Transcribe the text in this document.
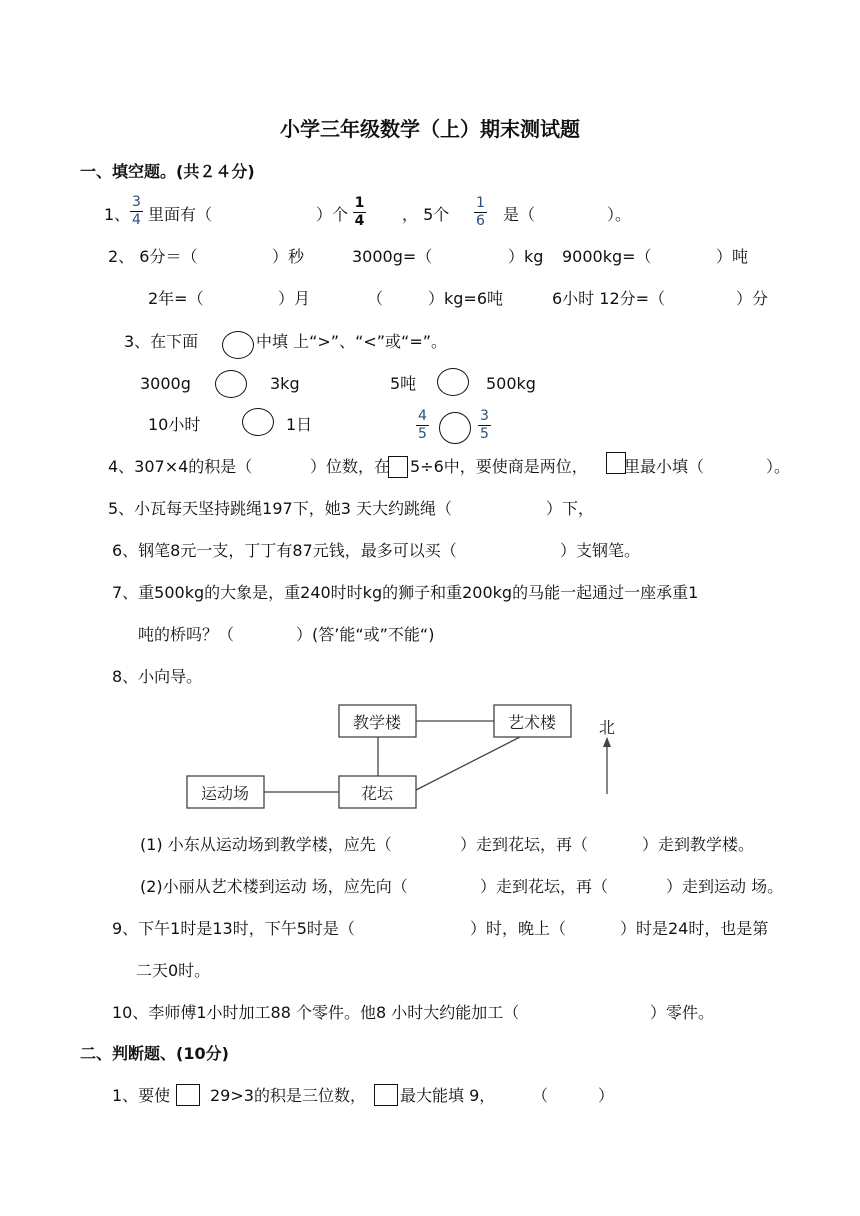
小学三年级数学（上）期末测试题
一、填空题。(共２４分)
1、
3
4 里面有（	）个
1
4 ， 5个
1
6 是（	）。
2、 6分＝（	）秒	3000g=（	）kg 9000kg=（	）吨
2年=（	）月	（	）kg=6吨	6小时 12分=（	）分
3、在下面	中填 上“>”、“<”或“=”。
3000g	3kg	5吨	500kg
10小时	1日	4
5
3
5
4、307×4的积是（	）位数，在 5÷6中，要使商是两位， 里最小填（	）。
5、小瓦每天坚持跳绳197下，她3 天大约跳绳（	）下，
6、钢笔8元一支，丁丁有87元钱，最多可以买（	）支钢笔。
7、重500kg的大象是，重240时时kg的狮子和重200kg的马能一起通过一座承重1
吨的桥吗？（	）(答’能“或”不能“)
8、小向导。
教学楼	艺术楼
运动场	花坛
北
(1) 小东从运动场到教学楼，应先（	）走到花坛，再（	）走到教学楼。
(2)小丽从艺术楼到运动 场，应先向（	）走到花坛，再（	）走到运动 场。
9、下午1时是13时，下午5时是（	）时，晚上（	）时是24时，也是第
二天0时。
10、李师傅1小时加工88 个零件。他8 小时大约能加工（	）零件。
二、判断题、(10分)
1、要使 29>3的积是三位数， 最大能填 9， （	）
